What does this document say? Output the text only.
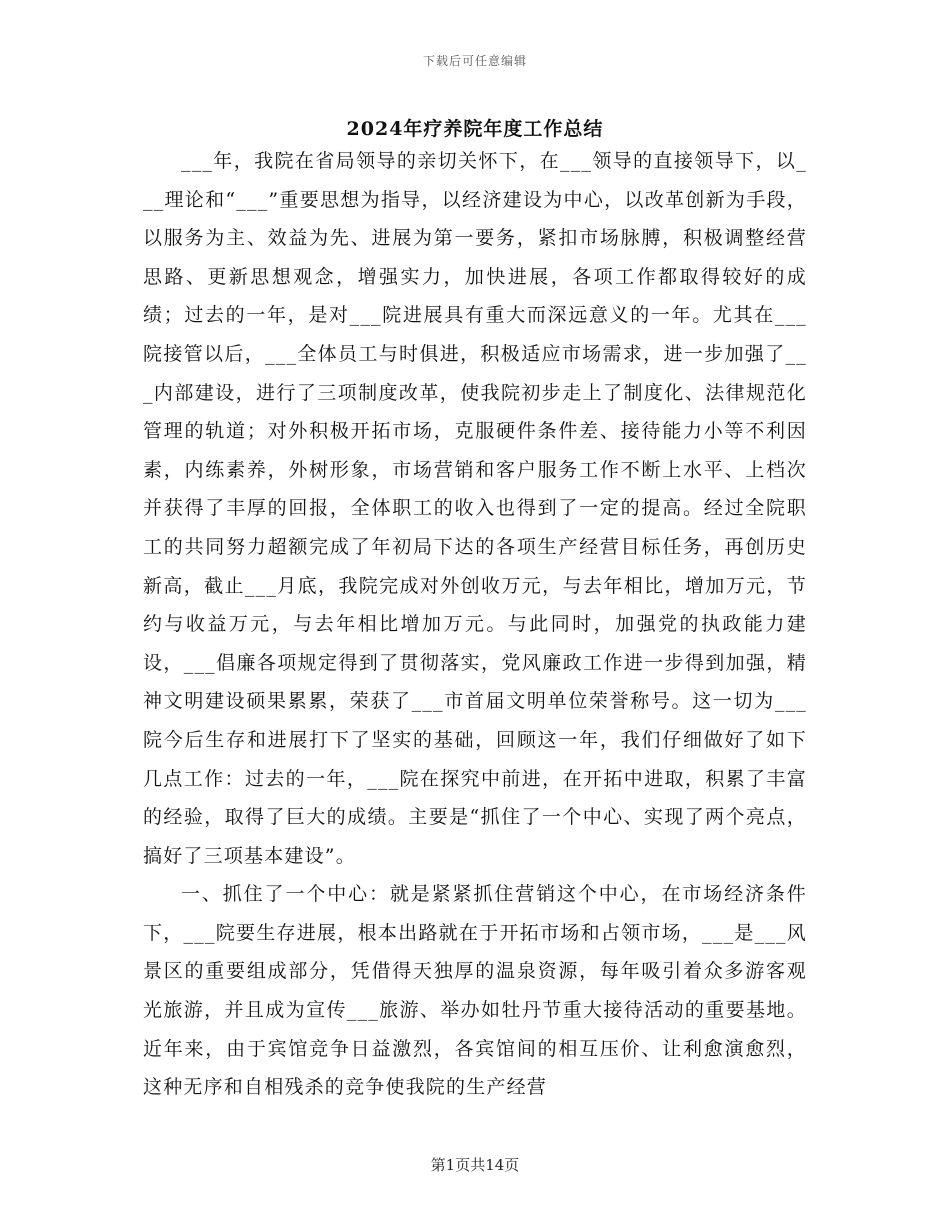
下载后可任意编辑
2024年疗养院年度工作总结

___年，我院在省局领导的亲切关怀下，在___领导的直接领导下，以___理论和“___”重要思想为指导，以经济建设为中心，以改革创新为手段，以服务为主、效益为先、进展为第一要务，紧扣市场脉膊，积极调整经营思路、更新思想观念，增强实力，加快进展，各项工作都取得较好的成绩；过去的一年，是对___院进展具有重大而深远意义的一年。尤其在___院接管以后，___全体员工与时俱进，积极适应市场需求，进一步加强了___内部建设，进行了三项制度改革，使我院初步走上了制度化、法律规范化管理的轨道；对外积极开拓市场，克服硬件条件差、接待能力小等不利因素，内练素养，外树形象，市场营销和客户服务工作不断上水平、上档次并获得了丰厚的回报，全体职工的收入也得到了一定的提高。经过全院职工的共同努力超额完成了年初局下达的各项生产经营目标任务，再创历史新高，截止___月底，我院完成对外创收万元，与去年相比，增加万元，节约与收益万元，与去年相比增加万元。与此同时，加强党的执政能力建设，___倡廉各项规定得到了贯彻落实，党风廉政工作进一步得到加强，精神文明建设硕果累累，荣获了___市首届文明单位荣誉称号。这一切为___院今后生存和进展打下了坚实的基础，回顾这一年，我们仔细做好了如下几点工作：过去的一年，___院在探究中前进，在开拓中进取，积累了丰富的经验，取得了巨大的成绩。主要是“抓住了一个中心、实现了两个亮点，搞好了三项基本建设”。

一、抓住了一个中心：就是紧紧抓住营销这个中心，在市场经济条件下，___院要生存进展，根本出路就在于开拓市场和占领市场，___是___风景区的重要组成部分，凭借得天独厚的温泉资源，每年吸引着众多游客观光旅游，并且成为宣传___旅游、举办如牡丹节重大接待活动的重要基地。近年来，由于宾馆竞争日益激烈，各宾馆间的相互压价、让利愈演愈烈，这种无序和自相残杀的竞争使我院的生产经营

第1页共14页
